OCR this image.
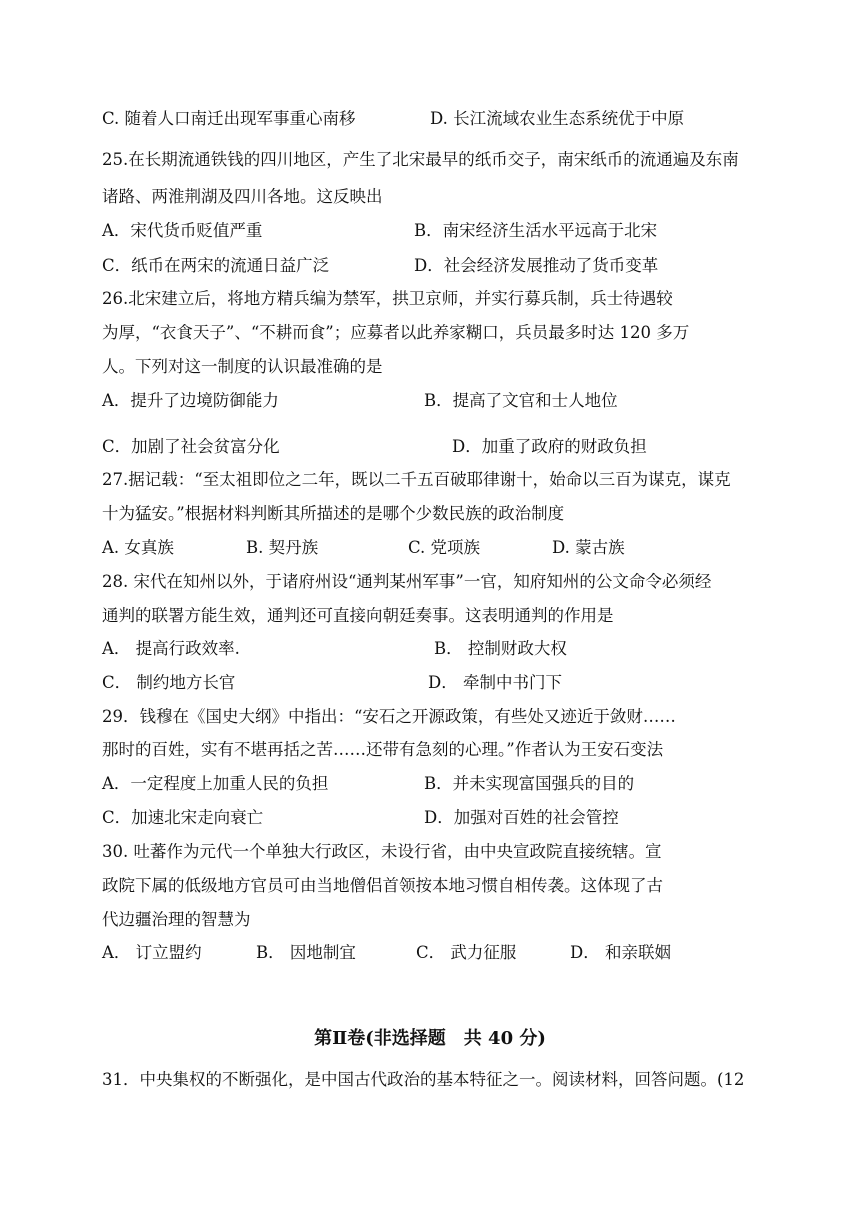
C. 随着人口南迁出现军事重心南移	D. 长江流域农业生态系统优于中原
25.在长期流通铁钱的四川地区，产生了北宋最早的纸币交子，南宋纸币的流通遍及东南
诸路、两淮荆湖及四川各地。这反映出
A．宋代货币贬值严重	B．南宋经济生活水平远高于北宋
C．纸币在两宋的流通日益广泛	D．社会经济发展推动了货币变革
26.北宋建立后，将地方精兵编为禁军，拱卫京师，并实行募兵制，兵士待遇较
为厚，“衣食天子”、“不耕而食”；应募者以此养家糊口，兵员最多时达 120 多万
人。下列对这一制度的认识最准确的是
A．提升了边境防御能力	B．提高了文官和士人地位
C．加剧了社会贫富分化	D．加重了政府的财政负担
27.据记载：“至太祖即位之二年，既以二千五百破耶律谢十，始命以三百为谋克，谋克
十为猛安。”根据材料判断其所描述的是哪个少数民族的政治制度
A. 女真族	B. 契丹族	C. 党项族	D. 蒙古族
28. 宋代在知州以外，于诸府州设“通判某州军事”一官，知府知州的公文命令必须经
通判的联署方能生效，通判还可直接向朝廷奏事。这表明通判的作用是
A． 提高行政效率.	B． 控制财政大权
C． 制约地方长官	D． 牵制中书门下
29．钱穆在《国史大纲》中指出：“安石之开源政策，有些处又迹近于敛财……
那时的百姓，实有不堪再括之苦……还带有急刻的心理。”作者认为王安石变法
A．一定程度上加重人民的负担	B．并未实现富国强兵的目的
C．加速北宋走向衰亡	D．加强对百姓的社会管控
30. 吐蕃作为元代一个单独大行政区，未设行省，由中央宣政院直接统辖。宣
政院下属的低级地方官员可由当地僧侣首领按本地习惯自相传袭。这体现了古
代边疆治理的智慧为
A． 订立盟约	B． 因地制宜	C． 武力征服	D． 和亲联姻
第Ⅱ卷(非选择题　共 40 分)
31．中央集权的不断强化，是中国古代政治的基本特征之一。阅读材料，回答问题。(12
